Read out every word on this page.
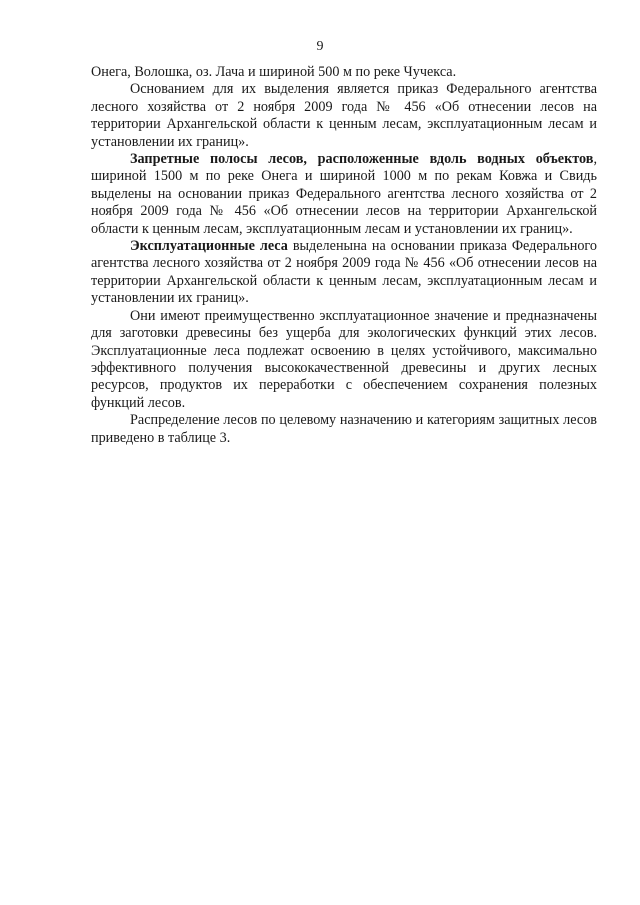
9

Онега, Волошка, оз. Лача и шириной 500 м по реке Чучекса.

Основанием для их выделения является приказ Федерального агентства лесного хозяйства от 2 ноября 2009 года № 456 «Об отнесении лесов на территории Архангельской области к ценным лесам, эксплуатационным лесам и установлении их границ».

Запретные полосы лесов, расположенные вдоль водных объектов, шириной 1500 м по реке Онега и шириной 1000 м по рекам Ковжа и Свидь выделены на основании приказ Федерального агентства лесного хозяйства от 2 ноября 2009 года № 456 «Об отнесении лесов на территории Архангельской области к ценным лесам, эксплуатационным лесам и установлении их границ».

Эксплуатационные леса выделенына на основании приказа Федерального агентства лесного хозяйства от 2 ноября 2009 года № 456 «Об отнесении лесов на территории Архангельской области к ценным лесам, эксплуатационным лесам и установлении их границ».

Они имеют преимущественно эксплуатационное значение и предназначены для заготовки древесины без ущерба для экологических функций этих лесов. Эксплуатационные леса подлежат освоению в целях устойчивого, максимально эффективного получения высококачественной древесины и других лесных ресурсов, продуктов их переработки с обеспечением сохранения полезных функций лесов.

Распределение лесов по целевому назначению и категориям защитных лесов приведено в таблице 3.
